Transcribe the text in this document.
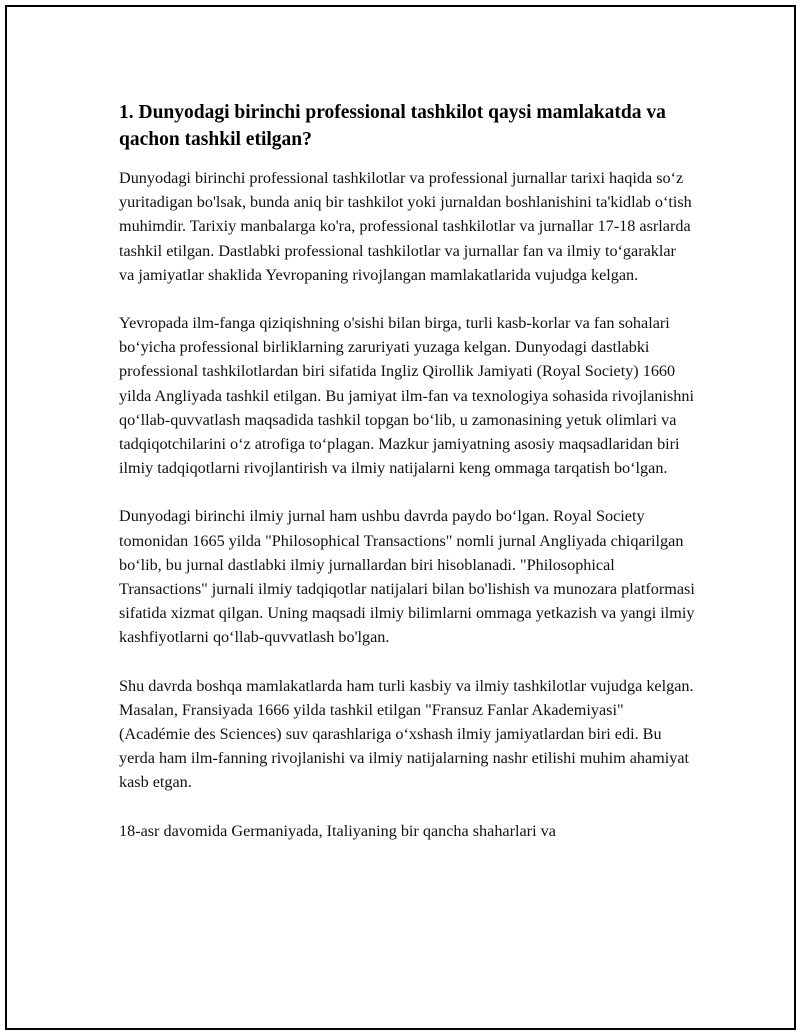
1. Dunyodagi birinchi professional tashkilot qaysi mamlakatda va qachon tashkil etilgan?

Dunyodagi birinchi professional tashkilotlar va professional jurnallar tarixi haqida so‘z yuritadigan bo'lsak, bunda aniq bir tashkilot yoki jurnaldan boshlanishini ta'kidlab o‘tish muhimdir. Tarixiy manbalarga ko'ra, professional tashkilotlar va jurnallar 17-18 asrlarda tashkil etilgan. Dastlabki professional tashkilotlar va jurnallar fan va ilmiy to‘garaklar va jamiyatlar shaklida Yevropaning rivojlangan mamlakatlarida vujudga kelgan.

Yevropada ilm-fanga qiziqishning o'sishi bilan birga, turli kasb-korlar va fan sohalari bo‘yicha professional birliklarning zaruriyati yuzaga kelgan. Dunyodagi dastlabki professional tashkilotlardan biri sifatida Ingliz Qirollik Jamiyati (Royal Society) 1660 yilda Angliyada tashkil etilgan. Bu jamiyat ilm-fan va texnologiya sohasida rivojlanishni qo‘llab-quvvatlash maqsadida tashkil topgan bo‘lib, u zamonasining yetuk olimlari va tadqiqotchilarini o‘z atrofiga to‘plagan. Mazkur jamiyatning asosiy maqsadlaridan biri ilmiy tadqiqotlarni rivojlantirish va ilmiy natijalarni keng ommaga tarqatish bo‘lgan.

Dunyodagi birinchi ilmiy jurnal ham ushbu davrda paydo bo‘lgan. Royal Society tomonidan 1665 yilda "Philosophical Transactions" nomli jurnal Angliyada chiqarilgan bo‘lib, bu jurnal dastlabki ilmiy jurnallardan biri hisoblanadi. "Philosophical Transactions" jurnali ilmiy tadqiqotlar natijalari bilan bo'lishish va munozara platformasi sifatida xizmat qilgan. Uning maqsadi ilmiy bilimlarni ommaga yetkazish va yangi ilmiy kashfiyotlarni qo‘llab-quvvatlash bo'lgan.

Shu davrda boshqa mamlakatlarda ham turli kasbiy va ilmiy tashkilotlar vujudga kelgan. Masalan, Fransiyada 1666 yilda tashkil etilgan "Fransuz Fanlar Akademiyasi" (Académie des Sciences) suv qarashlariga o‘xshash ilmiy jamiyatlardan biri edi. Bu yerda ham ilm-fanning rivojlanishi va ilmiy natijalarning nashr etilishi muhim ahamiyat kasb etgan.

18-asr davomida Germaniyada, Italiyaning bir qancha shaharlari va
